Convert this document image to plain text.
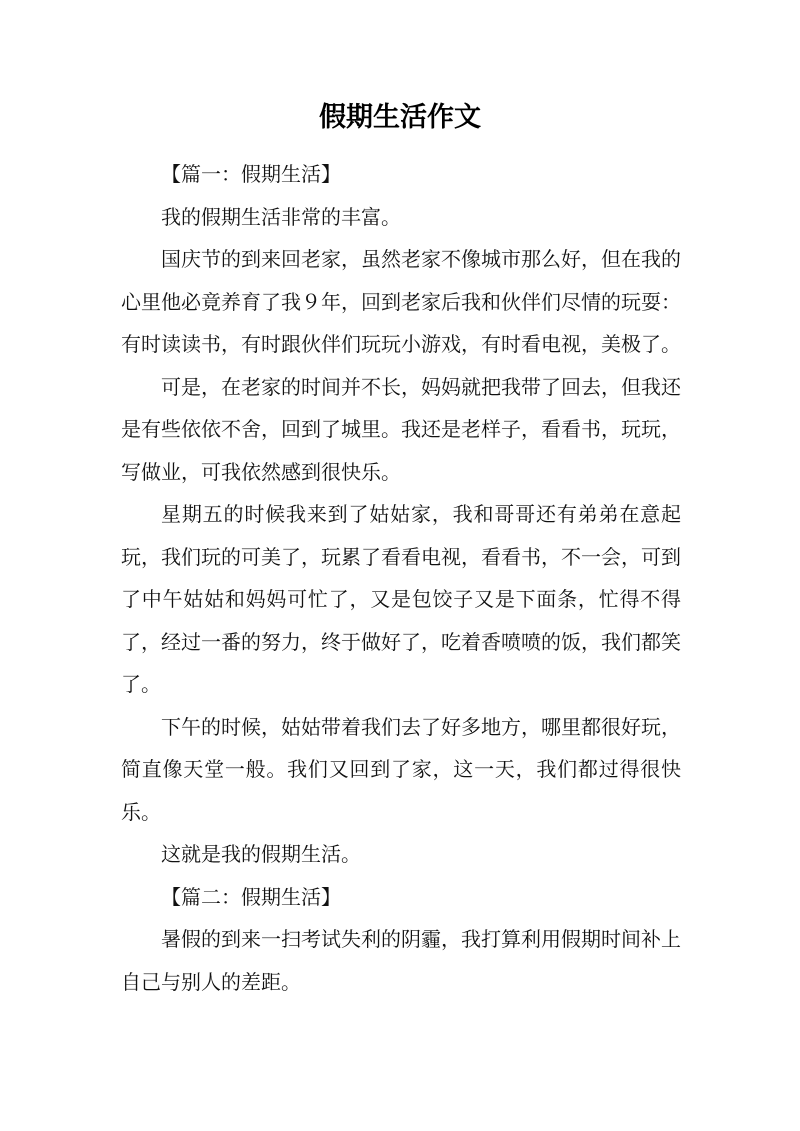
假期生活作文

【篇一：假期生活】

我的假期生活非常的丰富。

国庆节的到来回老家，虽然老家不像城市那么好，但在我的心里他必竟养育了我９年，回到老家后我和伙伴们尽情的玩耍：有时读读书，有时跟伙伴们玩玩小游戏，有时看电视，美极了。

可是，在老家的时间并不长，妈妈就把我带了回去，但我还是有些依依不舍，回到了城里。我还是老样子，看看书，玩玩，写做业，可我依然感到很快乐。

星期五的时候我来到了姑姑家，我和哥哥还有弟弟在意起玩，我们玩的可美了，玩累了看看电视，看看书，不一会，可到了中午姑姑和妈妈可忙了，又是包饺子又是下面条，忙得不得了，经过一番的努力，终于做好了，吃着香喷喷的饭，我们都笑了。

下午的时候，姑姑带着我们去了好多地方，哪里都很好玩，简直像天堂一般。我们又回到了家，这一天，我们都过得很快乐。

这就是我的假期生活。

【篇二：假期生活】

暑假的到来一扫考试失利的阴霾，我打算利用假期时间补上自己与别人的差距。
